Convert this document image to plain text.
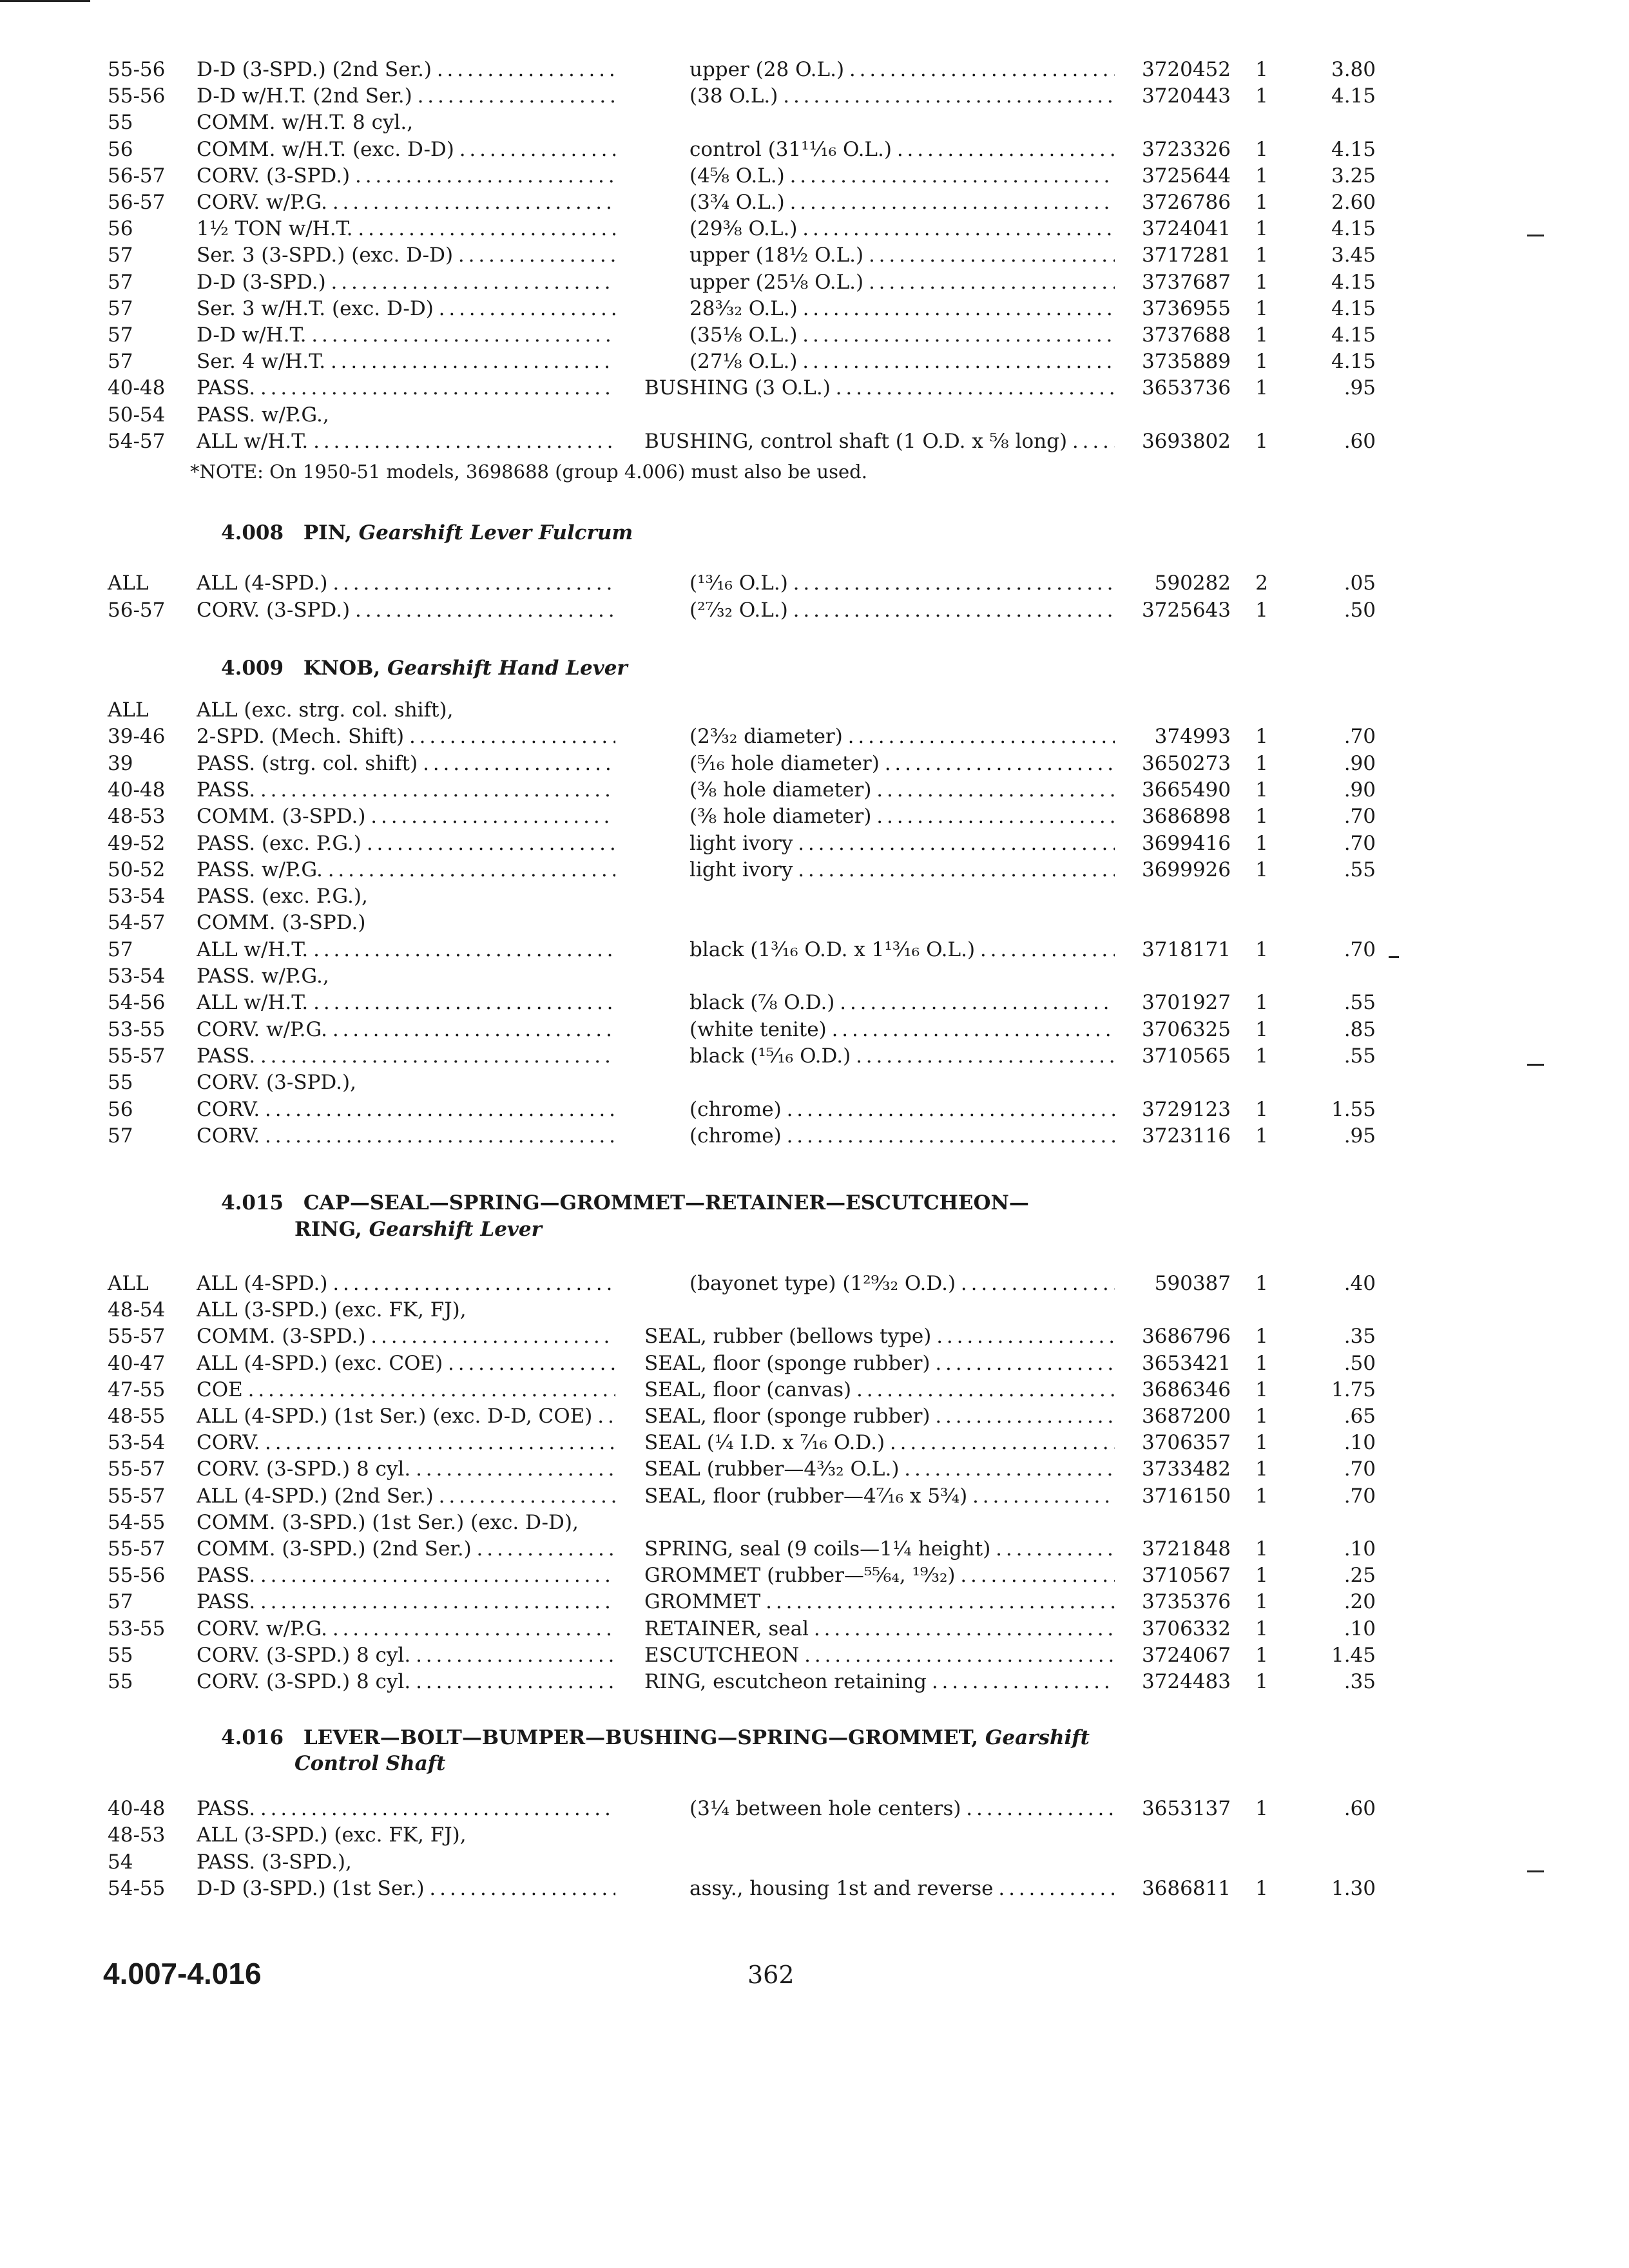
55-56 D-D (3-SPD.) (2nd Ser.) . . .	upper (28 O.L.) . . .	3720452	1	3.80
55-56 D-D w/H.T. (2nd Ser.) . . .	(38 O.L.) . . .	3720443	1	4.15
55	COMM. w/H.T. 8 cyl.,
56	COMM. w/H.T. (exc. D-D) . . .	control (31¹¹⁄₁₆ O.L.) . . .	3723326	1	4.15
56-57 CORV. (3-SPD.) . . .	(4⅝ O.L.) . . .	3725644	1	3.25
56-57 CORV. w/P.G. . . .	(3¾ O.L.) . . .	3726786	1	2.60
56	1½ TON w/H.T. . . .	(29⅜ O.L.) . . .	3724041	1	4.15
57	Ser. 3 (3-SPD.) (exc. D-D) . . .	upper (18½ O.L.) . . .	3717281	1	3.45
57	D-D (3-SPD.) . . .	upper (25⅛ O.L.) . . .	3737687	1	4.15
57	Ser. 3 w/H.T. (exc. D-D) . . .	28³⁄₃₂ O.L.) . . .	3736955	1	4.15
57	D-D w/H.T. . . .	(35⅛ O.L.) . . .	3737688	1	4.15
57	Ser. 4 w/H.T. . . .	(27⅛ O.L.) . . .	3735889	1	4.15
40-48 PASS. . . .	BUSHING (3 O.L.) . . .	3653736	1	.95
50-54 PASS. w/P.G.,
54-57 ALL w/H.T. . . .	BUSHING, control shaft (1 O.D. x ⅝ long) . . .	3693802	1	.60
ALL ALL (4-SPD.) . . .	(¹³⁄₁₆ O.L.) . . .	590282	2	.05
56-57 CORV. (3-SPD.) . . .	(²⁷⁄₃₂ O.L.) . . .	3725643	1	.50
ALL ALL (exc. strg. col. shift),
39-46 2-SPD. (Mech. Shift) . . .	(2³⁄₃₂ diameter) . . .	374993	1	.70
39	PASS. (strg. col. shift) . . .	(⁵⁄₁₆ hole diameter) . . .	3650273	1	.90
40-48 PASS. . . .	(⅜ hole diameter) . . .	3665490	1	.90
48-53 COMM. (3-SPD.) . . .	(⅜ hole diameter) . . .	3686898	1	.70
49-52 PASS. (exc. P.G.) . . .	light ivory . . .	3699416	1	.70
50-52 PASS. w/P.G. . . .	light ivory . . .	3699926	1	.55
53-54 PASS. (exc. P.G.),
54-57 COMM. (3-SPD.)
57	ALL w/H.T. . . .	black (1³⁄₁₆ O.D. x 1¹³⁄₁₆ O.L.) . . .	3718171	1	.70
53-54 PASS. w/P.G.,
54-56 ALL w/H.T. . . .	black (⅞ O.D.) . . .	3701927	1	.55
53-55 CORV. w/P.G. . . .	(white tenite) . . .	3706325	1	.85
55-57 PASS. . . .	black (¹⁵⁄₁₆ O.D.) . . .	3710565	1	.55
55	CORV. (3-SPD.),
56	CORV. . . .	(chrome) . . .	3729123	1	1.55
57	CORV. . . .	(chrome) . . .	3723116	1	.95
ALL ALL (4-SPD.) . . .	(bayonet type) (1²⁹⁄₃₂ O.D.) . . .	590387	1	.40
48-54 ALL (3-SPD.) (exc. FK, FJ),
55-57 COMM. (3-SPD.) . . .	SEAL, rubber (bellows type) . . .	3686796	1	.35
40-47 ALL (4-SPD.) (exc. COE) . . .	SEAL, floor (sponge rubber) . . .	3653421	1	.50
47-55 COE . . .	SEAL, floor (canvas) . . .	3686346	1	1.75
48-55 ALL (4-SPD.) (1st Ser.) (exc. D-D, COE) . . .	SEAL, floor (sponge rubber) . . .	3687200	1	.65
53-54 CORV. . . .	SEAL (¼ I.D. x ⁷⁄₁₆ O.D.) . . .	3706357	1	.10
55-57 CORV. (3-SPD.) 8 cyl. . . .	SEAL (rubber—4³⁄₃₂ O.L.) . . .	3733482	1	.70
55-57 ALL (4-SPD.) (2nd Ser.) . . .	SEAL, floor (rubber—4⁷⁄₁₆ x 5¾) . . .	3716150	1	.70
54-55 COMM. (3-SPD.) (1st Ser.) (exc. D-D),
55-57 COMM. (3-SPD.) (2nd Ser.) . . .	SPRING, seal (9 coils—1¼ height) . . .	3721848	1	.10
55-56 PASS. . . .	GROMMET (rubber—⁵⁵⁄₆₄, ¹⁹⁄₃₂) . . .	3710567	1	.25
57	PASS. . . .	GROMMET . . .	3735376	1	.20
53-55 CORV. w/P.G. . . .	RETAINER, seal . . .	3706332	1	.10
55	CORV. (3-SPD.) 8 cyl. . . .	ESCUTCHEON . . .	3724067	1	1.45
55	CORV. (3-SPD.) 8 cyl. . . .	RING, escutcheon retaining . . .	3724483	1	.35
40-48 PASS. . . .	(3¼ between hole centers) . . .	3653137	1	.60
48-53 ALL (3-SPD.) (exc. FK, FJ),
54	PASS. (3-SPD.),
54-55 D-D (3-SPD.) (1st Ser.) . . .	assy., housing 1st and reverse . . .	3686811	1	1.30
*NOTE: On 1950-51 models, 3698688 (group 4.006) must also be used.
4.008 PIN, Gearshift Lever Fulcrum
4.009 KNOB, Gearshift Hand Lever
4.015 CAP—SEAL—SPRING—GROMMET—RETAINER—ESCUTCHEON—
RING, Gearshift Lever
4.016 LEVER—BOLT—BUMPER—BUSHING—SPRING—GROMMET, Gearshift
Control Shaft
4.007-4.016	362
